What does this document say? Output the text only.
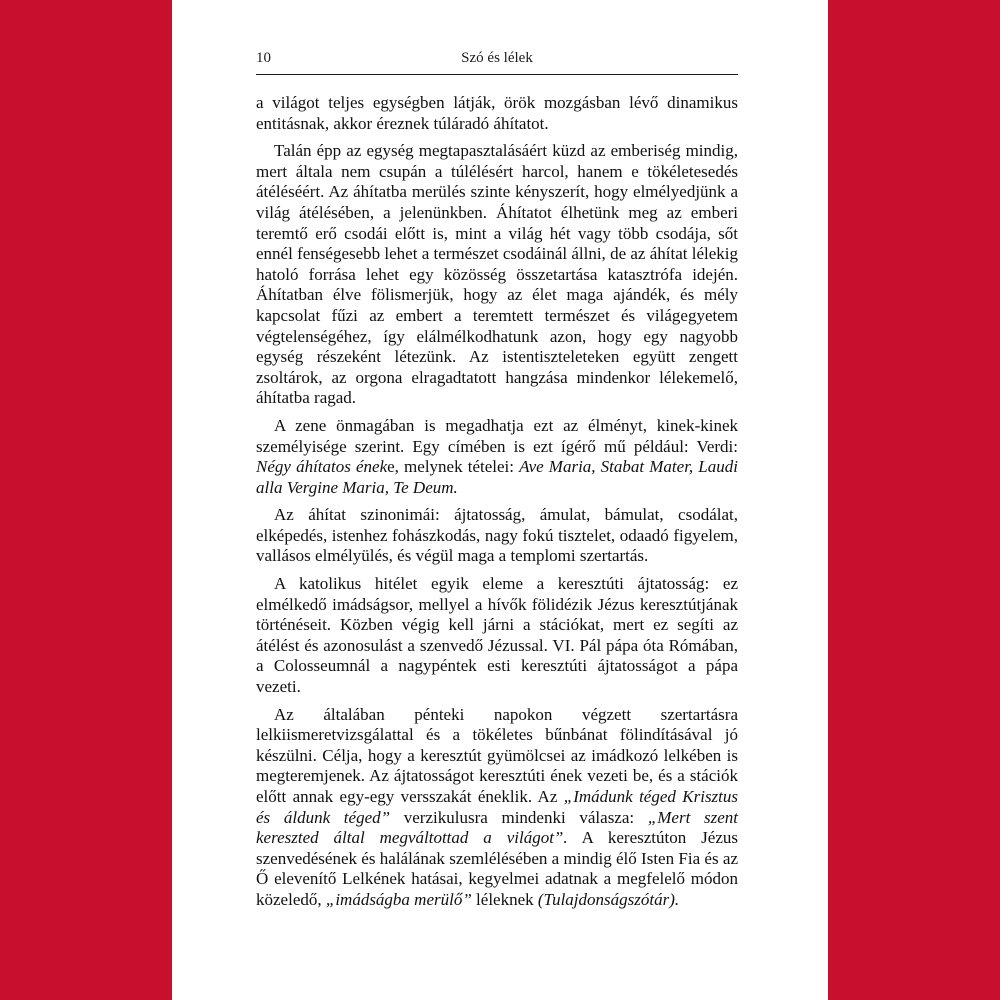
10	Szó és lélek

a világot teljes egységben látják, örök mozgásban lévő dinamikus entitásnak, akkor éreznek túláradó áhítatot.

Talán épp az egység megtapasztalásáért küzd az emberiség mindig, mert általa nem csupán a túlélésért harcol, hanem e tökéletesedés átéléséért. Az áhítatba merülés szinte kényszerít, hogy elmélyedjünk a világ átélésében, a jelenünkben. Áhítatot élhetünk meg az emberi teremtő erő csodái előtt is, mint a világ hét vagy több csodája, sőt ennél fenségesebb lehet a természet csodáinál állni, de az áhítat lélekig hatoló forrása lehet egy közösség összetartása katasztrófa idején. Áhítatban élve fölismerjük, hogy az élet maga ajándék, és mély kapcsolat fűzi az embert a teremtett természet és világegyetem végtelenségéhez, így elálmélkodhatunk azon, hogy egy nagyobb egység részeként létezünk. Az istentiszteleteken együtt zengett zsoltárok, az orgona elragadtatott hangzása mindenkor lélekemelő, áhítatba ragad.

A zene önmagában is megadhatja ezt az élményt, kinek-kinek személyisége szerint. Egy címében is ezt ígérő mű például: Verdi: Négy áhítatos éneke, melynek tételei: Ave Maria, Stabat Mater, Laudi alla Vergine Maria, Te Deum.

Az áhítat szinonimái: ájtatosság, ámulat, bámulat, csodálat, elképedés, istenhez fohászkodás, nagy fokú tisztelet, odaadó figyelem, vallásos elmélyülés, és végül maga a templomi szertartás.

A katolikus hitélet egyik eleme a keresztúti ájtatosság: ez elmélkedő imádságsor, mellyel a hívők fölidézik Jézus keresztútjának történéseit. Közben végig kell járni a stációkat, mert ez segíti az átélést és azonosulást a szenvedő Jézussal. VI. Pál pápa óta Rómában, a Colosseumnál a nagypéntek esti keresztúti ájtatosságot a pápa vezeti.

Az általában pénteki napokon végzett szertartásra lelkiismeretvizsgálattal és a tökéletes bűnbánat fölindításával jó készülni. Célja, hogy a keresztút gyümölcsei az imádkozó lelkében is megteremjenek. Az ájtatosságot keresztúti ének vezeti be, és a stációk előtt annak egy-egy versszakát éneklik. Az „Imádunk téged Krisztus és áldunk téged” verzikulusra mindenki válasza: „Mert szent kereszted által megváltottad a világot”. A keresztúton Jézus szenvedésének és halálának szemlélésében a mindig élő Isten Fia és az Ő elevenítő Lelkének hatásai, kegyelmei adatnak a megfelelő módon közeledő, „imádságba merülő” léleknek (Tulajdonságszótár).
